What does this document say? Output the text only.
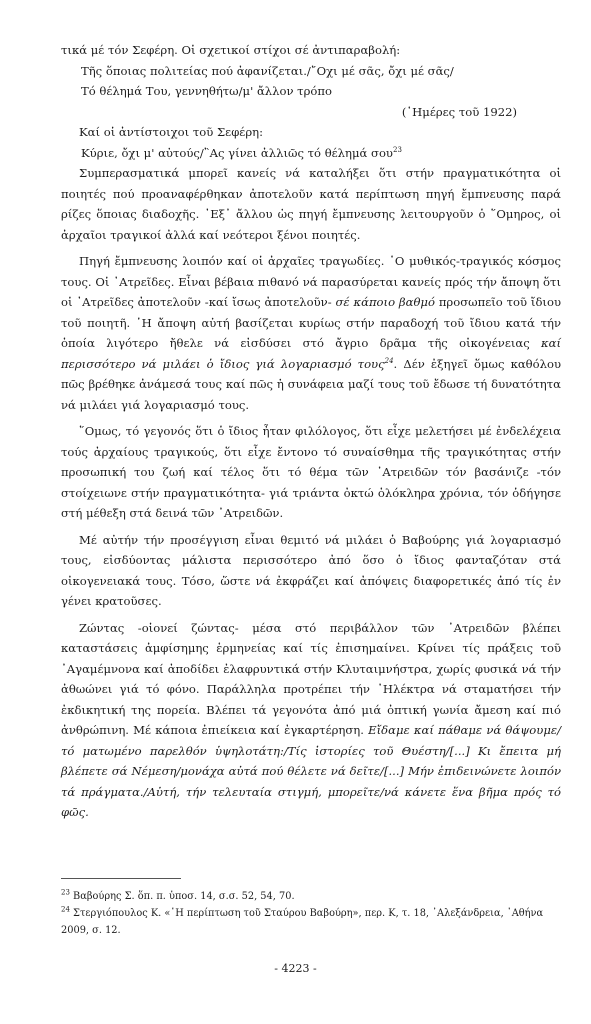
τικά μέ τόν Σεφέρη. Οἱ σχετικοί στίχοι σέ ἀντιπαραβολή:

Τῆς ὅποιας πολιτείας πού ἀφανίζεται./῎Οχι μέ σᾶς, ὄχι μέ σᾶς/

Τό θέλημά Του, γεννηθήτω/μ' ἄλλον τρόπο

(῾Ημέρες τοῦ 1922)

Καί οἱ ἀντίστοιχοι τοῦ Σεφέρη:

Κύριε, ὄχι μ' αὐτούς/῍Ας γίνει ἀλλιῶς τό θέλημά σου$^{23}$

Συμπερασματικά μπορεῖ κανείς νά καταλήξει ὅτι στήν πραγματικότητα οἱ ποιητές πού προαναφέρθηκαν ἀποτελοῦν κατά περίπτωση πηγή ἔμπνευσης παρά ρίζες ὅποιας διαδοχῆς. ᾿Εξ᾿ ἄλλου ὡς πηγή ἔμπνευσης λειτουργοῦν ὁ ῞Ομηρος, οἱ ἀρχαῖοι τραγικοί ἀλλά καί νεότεροι ξένοι ποιητές.

Πηγή ἔμπνευσης λοιπόν καί οἱ ἀρχαῖες τραγωδίες. ῾Ο μυθικός-τραγικός κόσμος τους. Οἱ ᾿Ατρεῖδες. Εἶναι βέβαια πιθανό νά παρασύρεται κανείς πρός τήν ἄποψη ὅτι οἱ ᾿Ατρεῖδες ἀποτελοῦν -καί ἴσως ἀποτελοῦν- σέ κάποιο βαθμό προσωπεῖο τοῦ ἴδιου τοῦ ποιητῆ. ῾Η ἄποψη αὐτή βασίζεται κυρίως στήν παραδοχή τοῦ ἴδιου κατά τήν ὁποία λιγότερο ἤθελε νά εἰσδύσει στό ἄγριο δρᾶμα τῆς οἰκογένειας καί περισσότερο νά μιλάει ὁ ἴδιος γιά λογαριασμό τους$^{24}$. Δέν ἐξηγεῖ ὅμως καθόλου πῶς βρέθηκε ἀνάμεσά τους καί πῶς ἡ συνάφεια μαζί τους τοῦ ἔδωσε τή δυνατότητα νά μιλάει γιά λογαριασμό τους.

῞Ομως, τό γεγονός ὅτι ὁ ἴδιος ἦταν φιλόλογος, ὅτι εἶχε μελετήσει μέ ἐνδελέχεια τούς ἀρχαίους τραγικούς, ὅτι εἶχε ἔντονο τό συναίσθημα τῆς τραγικότητας στήν προσωπική του ζωή καί τέλος ὅτι τό θέμα τῶν ᾿Ατρειδῶν τόν βασάνιζε -τόν στοίχειωνε στήν πραγματικότητα- γιά τριάντα ὀκτώ ὁλόκληρα χρόνια, τόν ὁδήγησε στή μέθεξη στά δεινά τῶν ᾿Ατρειδῶν.

Μέ αὐτήν τήν προσέγγιση εἶναι θεμιτό νά μιλάει ὁ Βαβούρης γιά λογαριασμό τους, εἰσδύοντας μάλιστα περισσότερο ἀπό ὅσο ὁ ἴδιος φανταζόταν στά οἰκογενειακά τους. Τόσο, ὥστε νά ἐκφράζει καί ἀπόψεις διαφορετικές ἀπό τίς ἐν γένει κρατοῦσες.

Ζώντας -οἱονεί ζώντας- μέσα στό περιβάλλον τῶν ᾿Ατρειδῶν βλέπει καταστάσεις ἀμφίσημης ἑρμηνείας καί τίς ἐπισημαίνει. Κρίνει τίς πράξεις τοῦ ᾿Αγαμέμνονα καί ἀποδίδει ἐλαφρυντικά στήν Κλυταιμνήστρα, χωρίς φυσικά νά τήν ἀθωώνει γιά τό φόνο. Παράλληλα προτρέπει τήν ᾿Ηλέκτρα νά σταματήσει τήν ἐκδικητική της πορεία. Βλέπει τά γεγονότα ἀπό μιά ὀπτική γωνία ἄμεση καί πιό ἀνθρώπινη. Μέ κάποια ἐπιείκεια καί ἐγκαρτέρηση. Εἴδαμε καί πάθαμε νά θάψουμε/τό ματωμένο παρελθόν ὑψηλοτάτη:/Τίς ἱστορίες τοῦ Θυέστη/[...] Κι ἔπειτα μή βλέπετε σά Νέμεση/μονάχα αὐτά πού θέλετε νά δεῖτε/[...] Μήν ἐπιδεινώνετε λοιπόν τά πράγματα./Αὐτή, τήν τελευταία στιγμή, μπορεῖτε/νά κάνετε ἕνα βῆμα πρός τό φῶς.

$^{23}$ Βαβούρης Σ. ὅπ. π. ὑποσ. 14, σ.σ. 52, 54, 70.

$^{24}$ Στεργιόπουλος Κ. «῾Η περίπτωση τοῦ Σταύρου Βαβούρη», περ. Κ, τ. 18, ᾿Αλεξάνδρεια, ᾿Αθήνα 2009, σ. 12.

- 4223 -
